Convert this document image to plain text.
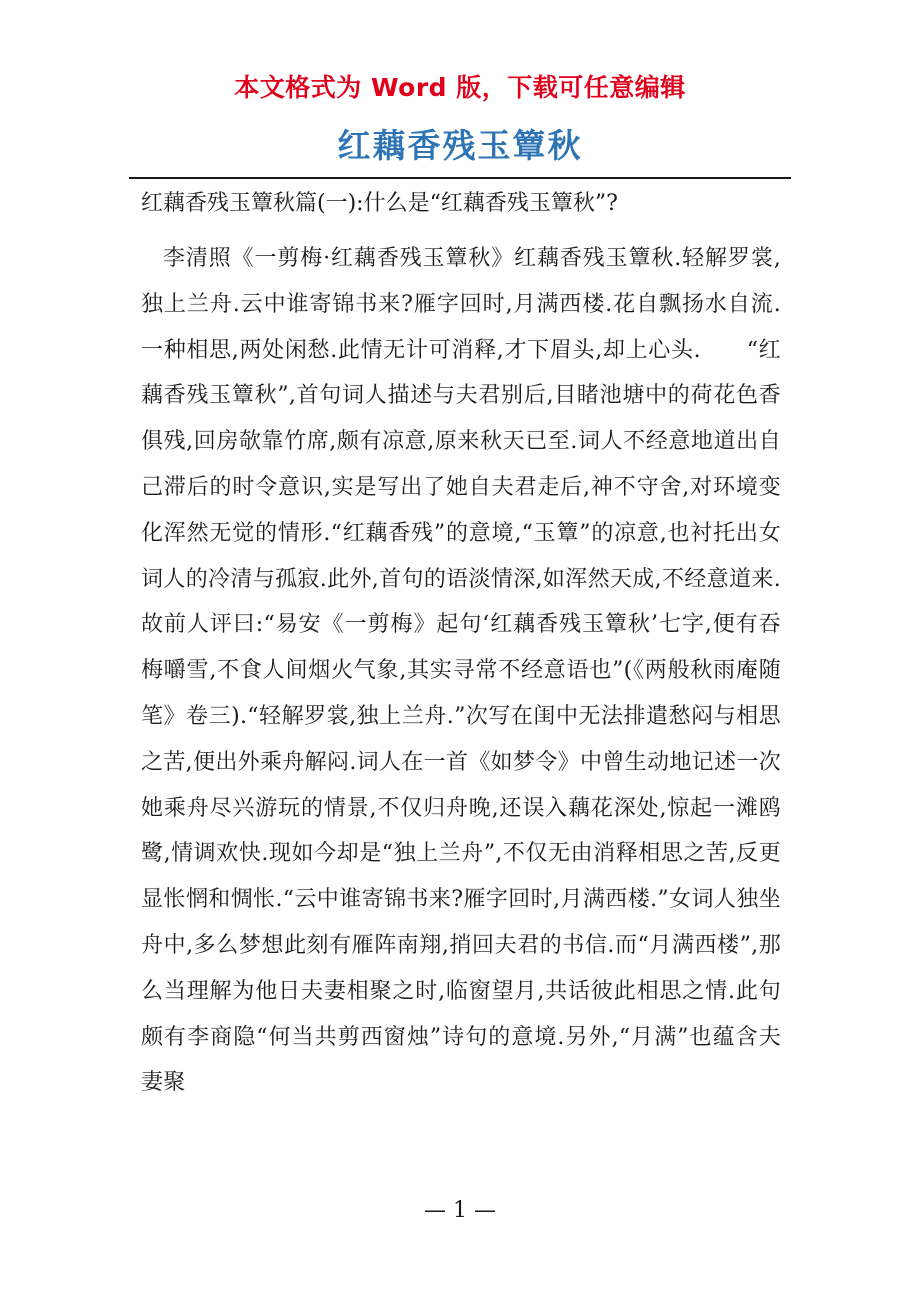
本文格式为 Word 版，下载可任意编辑
红藕香残玉簟秋
红藕香残玉簟秋篇(一):什么是“红藕香残玉簟秋”?

李清照《一剪梅·红藕香残玉簟秋》红藕香残玉簟秋.轻解罗裳,独上兰舟.云中谁寄锦书来?雁字回时,月满西楼.花自飘扬水自流.一种相思,两处闲愁.此情无计可消释,才下眉头,却上心头.　　“红藕香残玉簟秋”,首句词人描述与夫君别后,目睹池塘中的荷花色香俱残,回房欹靠竹席,颇有凉意,原来秋天已至.词人不经意地道出自己滞后的时令意识,实是写出了她自夫君走后,神不守舍,对环境变化浑然无觉的情形.“红藕香残”的意境,“玉簟”的凉意,也衬托出女词人的冷清与孤寂.此外,首句的语淡情深,如浑然天成,不经意道来.故前人评曰:“易安《一剪梅》起句‘红藕香残玉簟秋’七字,便有吞梅嚼雪,不食人间烟火气象,其实寻常不经意语也”(《两般秋雨庵随笔》卷三).“轻解罗裳,独上兰舟.”次写在闺中无法排遣愁闷与相思之苦,便出外乘舟解闷.词人在一首《如梦令》中曾生动地记述一次她乘舟尽兴游玩的情景,不仅归舟晚,还误入藕花深处,惊起一滩鸥鹭,情调欢快.现如今却是“独上兰舟”,不仅无由消释相思之苦,反更显怅惘和惆怅.“云中谁寄锦书来?雁字回时,月满西楼.”女词人独坐舟中,多么梦想此刻有雁阵南翔,捎回夫君的书信.而“月满西楼”,那么当理解为他日夫妻相聚之时,临窗望月,共话彼此相思之情.此句颇有李商隐“何当共剪西窗烛”诗句的意境.另外,“月满”也蕴含夫妻聚

— 1 —
